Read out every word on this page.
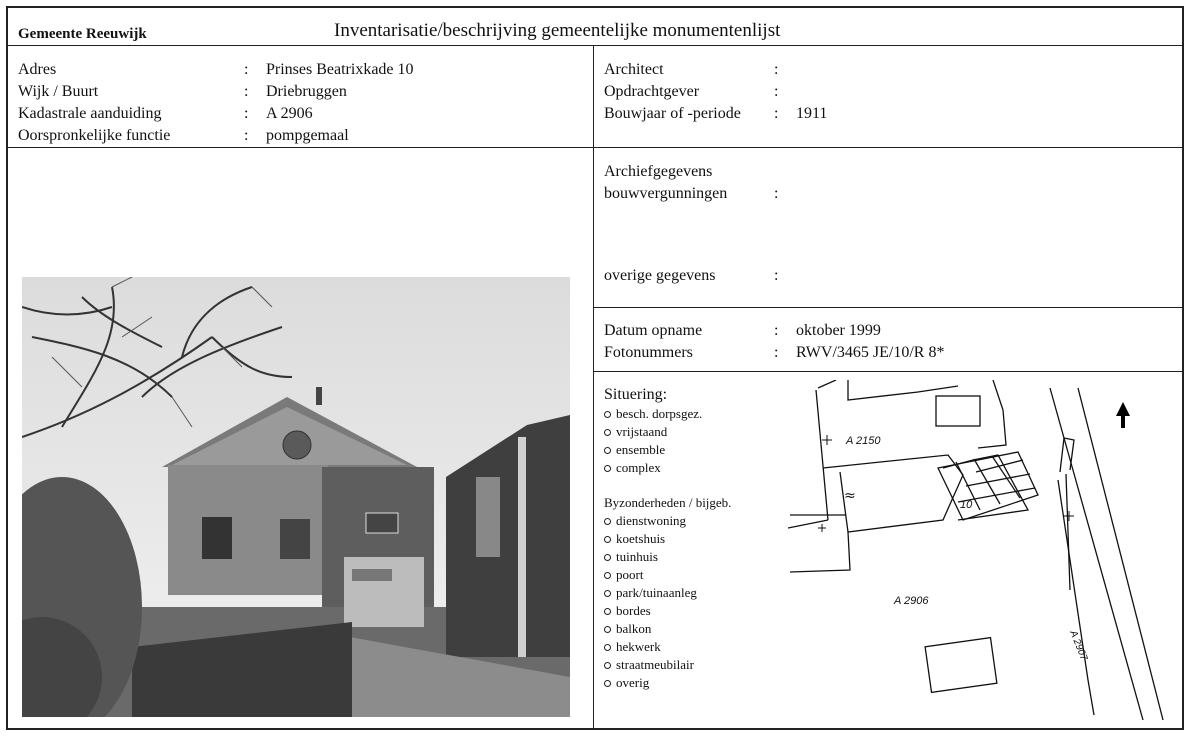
Gemeente Reeuwijk	Inventarisatie/beschrijving gemeentelijke monumentenlijst
Adres	: Prinses Beatrixkade 10
Wijk / Buurt	: Driebruggen
Kadastrale aanduiding	: A 2906
Oorspronkelijke functie	: pompgemaal
Architect	:
Opdrachtgever	:
Bouwjaar of -periode : 1911
Archiefgegevens
bouwvergunningen	:
overige gegevens	:
Datum opname	: oktober 1999
Fotonummers	: RWV/3465 JE/10/R 8*
Situering:
besch. dorpsgez.
vrijstaand
ensemble
complex
Byzonderheden / bijgeb.
dienstwoning
koetshuis
tuinhuis
poort
park/tuinaanleg
bordes
balkon
hekwerk
straatmeubilair
overig
A 2150
A 2906
10
≈
A 2907
